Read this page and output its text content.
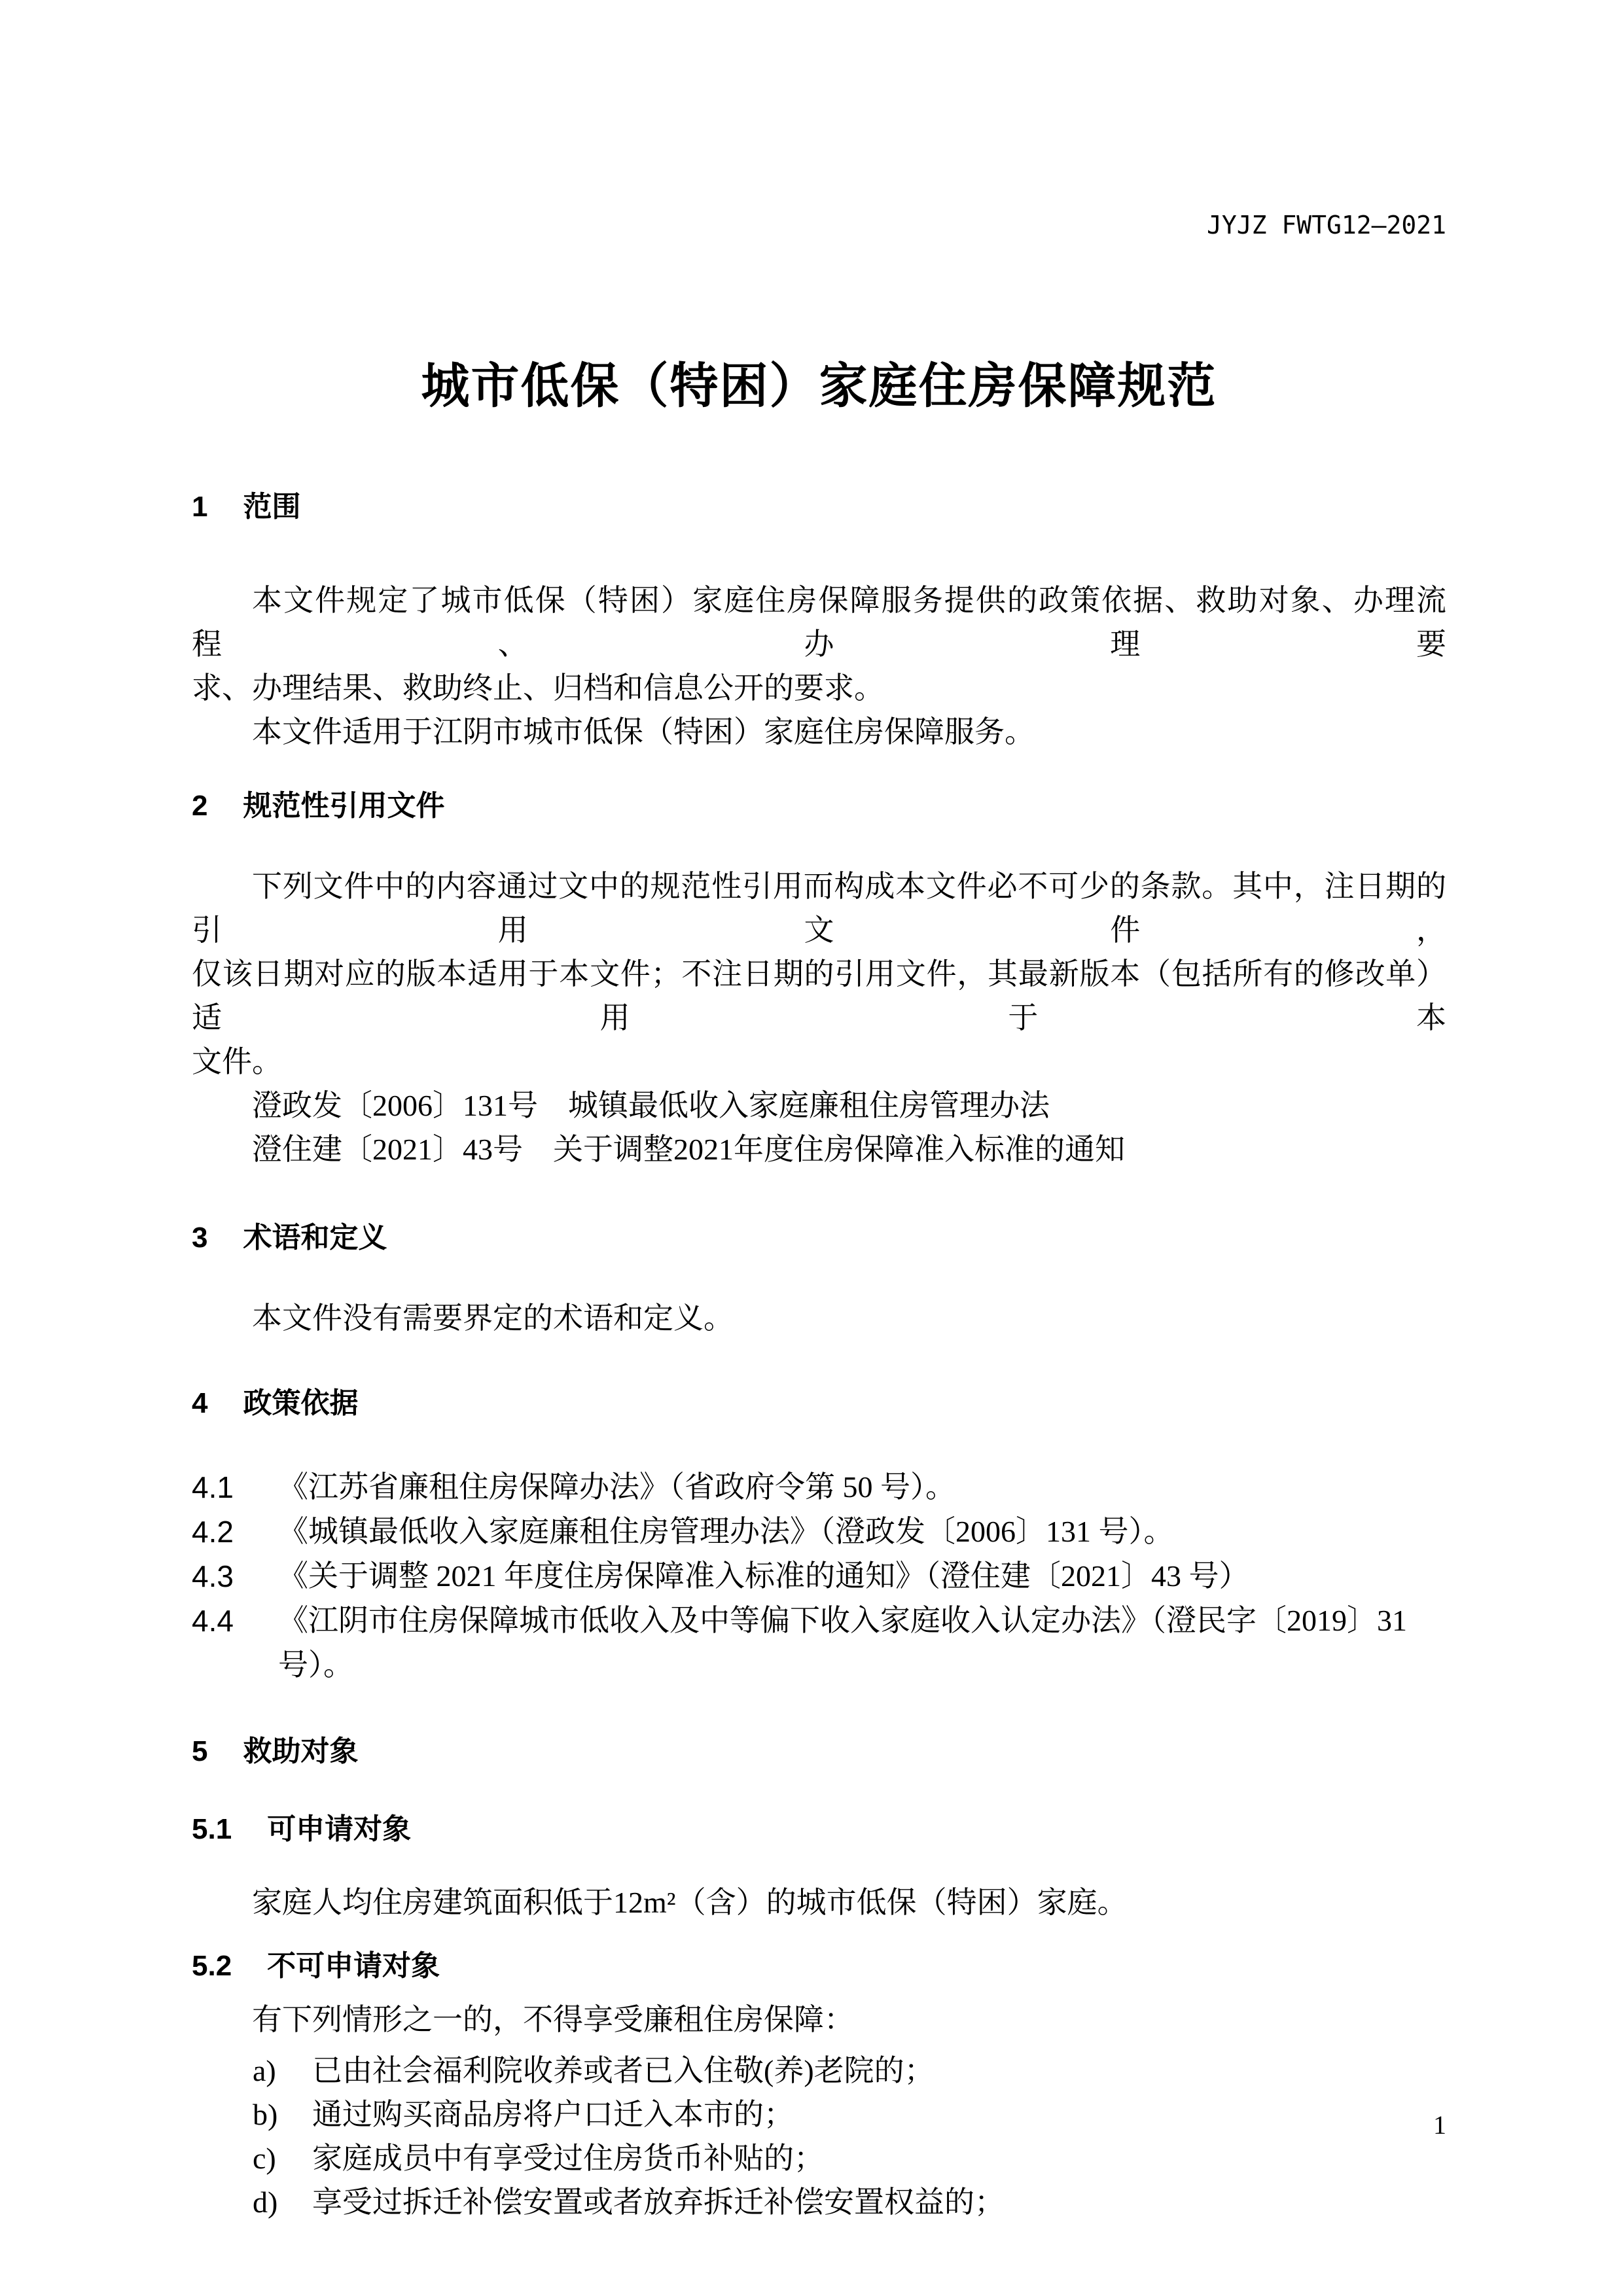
JYJZ FWTG12—2021
城市低保（特困）家庭住房保障规范
1 范围
本文件规定了城市低保（特困）家庭住房保障服务提供的政策依据、救助对象、办理流程、办理要
求、办理结果、救助终止、归档和信息公开的要求。
本文件适用于江阴市城市低保（特困）家庭住房保障服务。
2 规范性引用文件
下列文件中的内容通过文中的规范性引用而构成本文件必不可少的条款。其中，注日期的引用文件，
仅该日期对应的版本适用于本文件；不注日期的引用文件，其最新版本（包括所有的修改单）适用于本
文件。
澄政发〔2006〕131号　城镇最低收入家庭廉租住房管理办法
澄住建〔2021〕43号　关于调整2021年度住房保障准入标准的通知
3 术语和定义
本文件没有需要界定的术语和定义。
4 政策依据
4.1	《江苏省廉租住房保障办法》（省政府令第 50 号）。
4.2	《城镇最低收入家庭廉租住房管理办法》（澄政发〔2006〕131 号）。
4.3	《关于调整 2021 年度住房保障准入标准的通知》（澄住建〔2021〕43 号）
4.4	《江阴市住房保障城市低收入及中等偏下收入家庭收入认定办法》（澄民字〔2019〕31 号）。
5 救助对象
5.1 可申请对象
家庭人均住房建筑面积低于12m²（含）的城市低保（特困）家庭。
5.2 不可申请对象
有下列情形之一的，不得享受廉租住房保障：
a)	已由社会福利院收养或者已入住敬(养)老院的；
b)	通过购买商品房将户口迁入本市的；
c)	家庭成员中有享受过住房货币补贴的；
d)	享受过拆迁补偿安置或者放弃拆迁补偿安置权益的；
1
